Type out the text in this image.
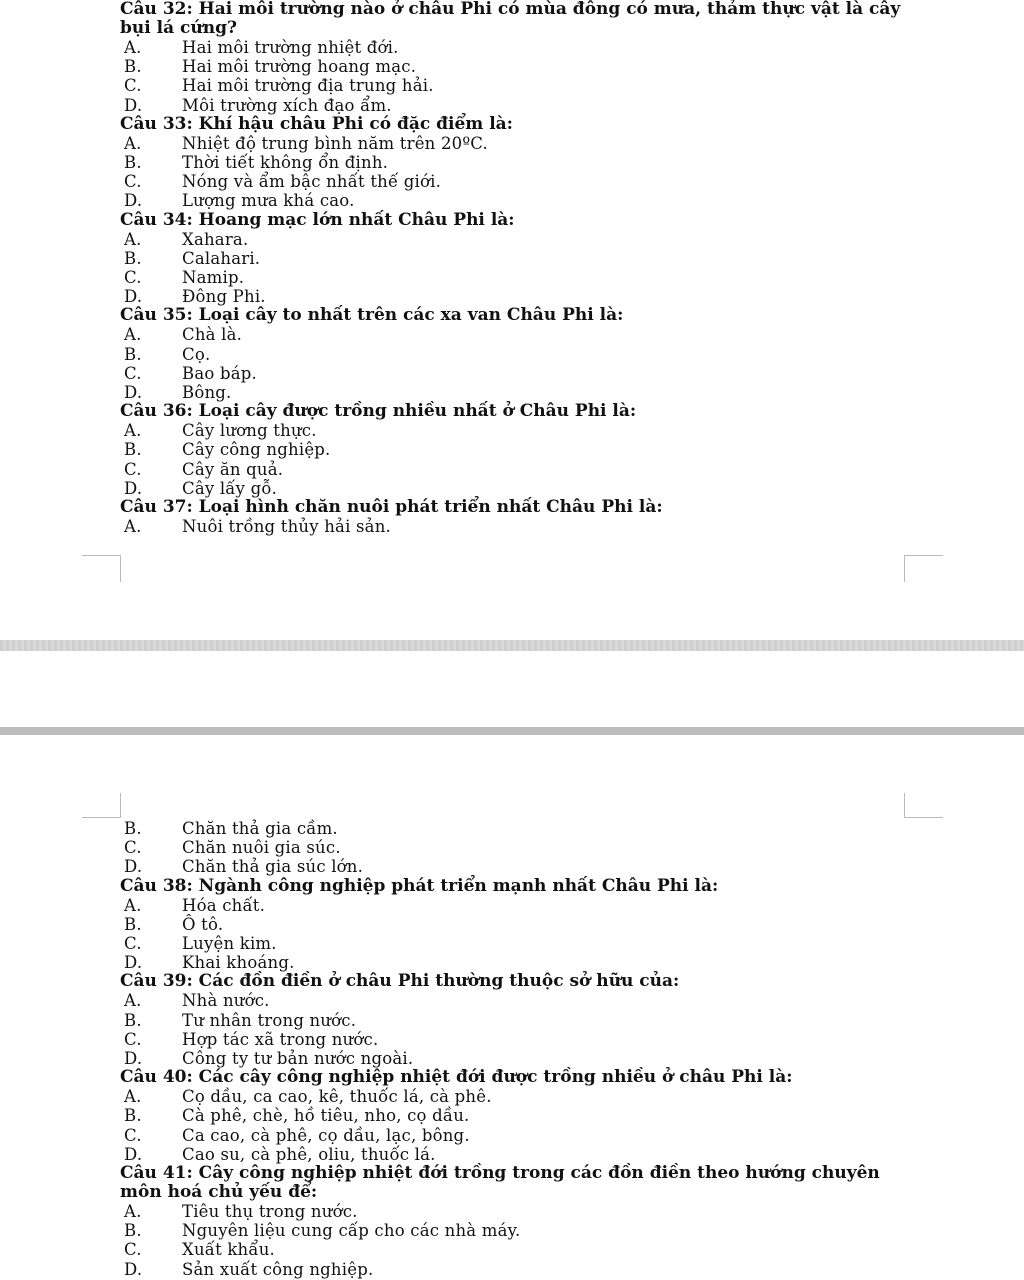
Câu 32: Hai môi trường nào ở châu Phi có mùa đông có mưa, thảm thực vật là cây bụi lá cứng?

A.	Hai môi trường nhiệt đới.
B.	Hai môi trường hoang mạc.
C.	Hai môi trường địa trung hải.
D.	Môi trường xích đạo ẩm.

Câu 33: Khí hậu châu Phi có đặc điểm là:

A.	Nhiệt độ trung bình năm trên 20ºC.
B.	Thời tiết không ổn định.
C.	Nóng và ẩm bậc nhất thế giới.
D.	Lượng mưa khá cao.

Câu 34: Hoang mạc lớn nhất Châu Phi là:

A.	Xahara.
B.	Calahari.
C.	Namip.
D.	Đông Phi.

Câu 35: Loại cây to nhất trên các xa van Châu Phi là:

A.	Chà là.
B.	Cọ.
C.	Bao báp.
D.	Bông.

Câu 36: Loại cây được trồng nhiều nhất ở Châu Phi là:

A.	Cây lương thực.
B.	Cây công nghiệp.
C.	Cây ăn quả.
D.	Cây lấy gỗ.

Câu 37: Loại hình chăn nuôi phát triển nhất Châu Phi là:

A.	Nuôi trồng thủy hải sản.
B.	Chăn thả gia cầm.
C.	Chăn nuôi gia súc.
D.	Chăn thả gia súc lớn.

Câu 38: Ngành công nghiệp phát triển mạnh nhất Châu Phi là:

A.	Hóa chất.
B.	Ô tô.
C.	Luyện kim.
D.	Khai khoáng.

Câu 39: Các đồn điền ở châu Phi thường thuộc sở hữu của:

A.	Nhà nước.
B.	Tư nhân trong nước.
C.	Hợp tác xã trong nước.
D.	Công ty tư bản nước ngoài.

Câu 40: Các cây công nghiệp nhiệt đới được trồng nhiều ở châu Phi là:

A.	Cọ dầu, ca cao, kê, thuốc lá, cà phê.
B.	Cà phê, chè, hồ tiêu, nho, cọ dầu.
C.	Ca cao, cà phê, cọ dầu, lạc, bông.
D.	Cao su, cà phê, oliu, thuốc lá.

Câu 41: Cây công nghiệp nhiệt đới trồng trong các đồn điền theo hướng chuyên môn hoá chủ yếu để:

A.	Tiêu thụ trong nước.
B.	Nguyên liệu cung cấp cho các nhà máy.
C.	Xuất khẩu.
D.	Sản xuất công nghiệp.
